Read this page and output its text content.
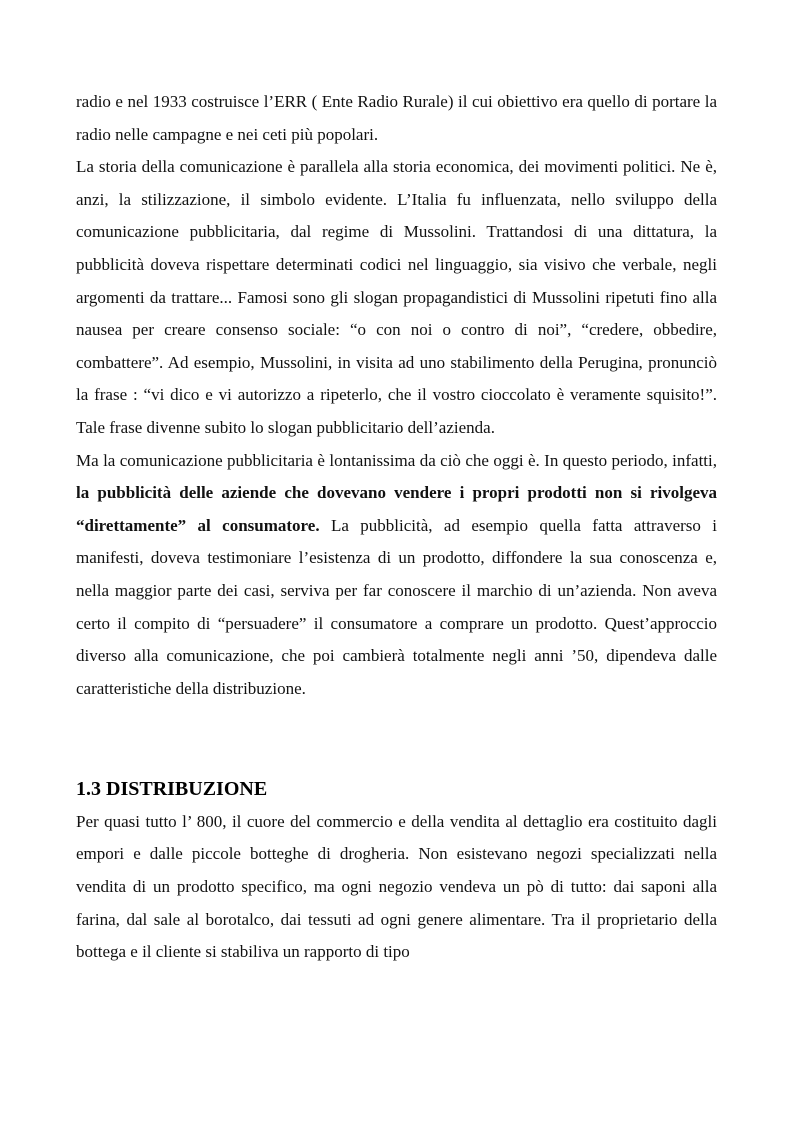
radio e nel 1933 costruisce l’ERR ( Ente Radio Rurale) il cui obiettivo era quello di portare la radio nelle campagne e nei ceti più popolari.

La storia della comunicazione è parallela alla storia economica, dei movimenti politici. Ne è, anzi, la stilizzazione, il simbolo evidente. L’Italia fu influenzata, nello sviluppo della comunicazione pubblicitaria, dal regime di Mussolini. Trattandosi di una dittatura, la pubblicità doveva rispettare determinati codici nel linguaggio, sia visivo che verbale, negli argomenti da trattare... Famosi sono gli slogan propagandistici di Mussolini ripetuti fino alla nausea per creare consenso sociale: “o con noi o contro di noi”, “credere, obbedire, combattere”. Ad esempio, Mussolini, in visita ad uno stabilimento della Perugina, pronunciò la frase : “vi dico e vi autorizzo a ripeterlo, che il vostro cioccolato è veramente squisito!”. Tale frase divenne subito lo slogan pubblicitario dell’azienda.

Ma la comunicazione pubblicitaria è lontanissima da ciò che oggi è. In questo periodo, infatti, la pubblicità delle aziende che dovevano vendere i propri prodotti non si rivolgeva “direttamente” al consumatore. La pubblicità, ad esempio quella fatta attraverso i manifesti, doveva testimoniare l’esistenza di un prodotto, diffondere la sua conoscenza e, nella maggior parte dei casi, serviva per far conoscere il marchio di un’azienda. Non aveva certo il compito di “persuadere” il consumatore a comprare un prodotto. Quest’approccio diverso alla comunicazione, che poi cambierà totalmente negli anni ’50, dipendeva dalle caratteristiche della distribuzione.

1.3 DISTRIBUZIONE

Per quasi tutto l’ 800, il cuore del commercio e della vendita al dettaglio era costituito dagli empori e dalle piccole botteghe di drogheria. Non esistevano negozi specializzati nella vendita di un prodotto specifico, ma ogni negozio vendeva un pò di tutto: dai saponi alla farina, dal sale al borotalco, dai tessuti ad ogni genere alimentare. Tra il proprietario della bottega e il cliente si stabiliva un rapporto di tipo
